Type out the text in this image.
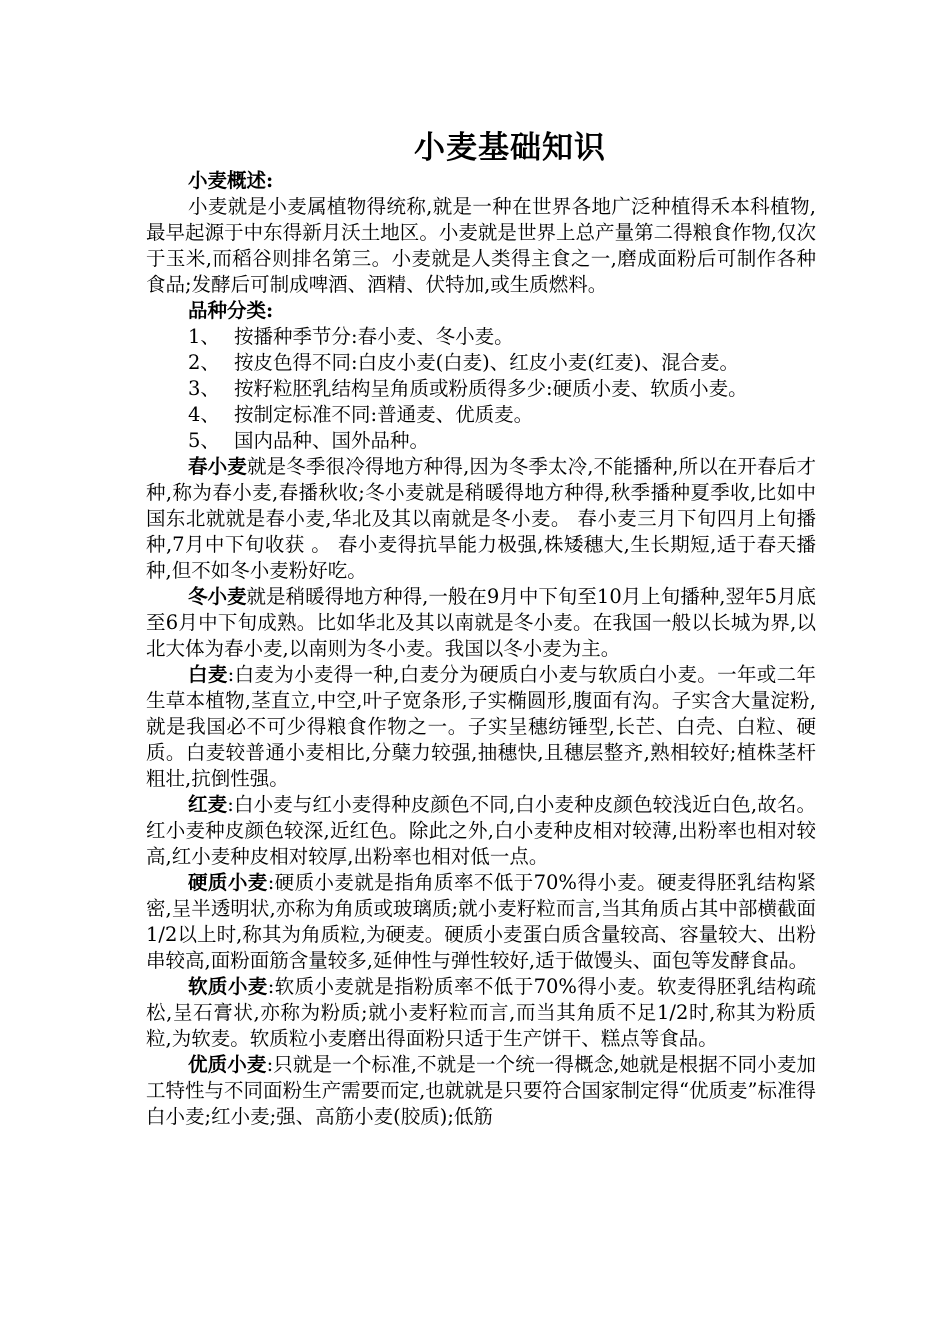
小麦基础知识
小麦概述:

小麦就是小麦属植物得统称,就是一种在世界各地广泛种植得禾本科植物,最早起源于中东得新月沃土地区。小麦就是世界上总产量第二得粮食作物,仅次于玉米,而稻谷则排名第三。小麦就是人类得主食之一,磨成面粉后可制作各种食品;发酵后可制成啤酒、酒精、伏特加,或生质燃料。

品种分类:
1、 按播种季节分:春小麦、冬小麦。
2、 按皮色得不同:白皮小麦(白麦)、红皮小麦(红麦)、混合麦。
3、 按籽粒胚乳结构呈角质或粉质得多少:硬质小麦、软质小麦。
4、 按制定标准不同:普通麦、优质麦。
5、 国内品种、国外品种。

春小麦就是冬季很冷得地方种得,因为冬季太冷,不能播种,所以在开春后才种,称为春小麦,春播秋收;冬小麦就是稍暖得地方种得,秋季播种夏季收,比如中国东北就就是春小麦,华北及其以南就是冬小麦。 春小麦三月下旬四月上旬播种,7月中下旬收获 。 春小麦得抗旱能力极强,株矮穗大,生长期短,适于春天播种,但不如冬小麦粉好吃。

冬小麦就是稍暖得地方种得,一般在9月中下旬至10月上旬播种,翌年5月底至6月中下旬成熟。比如华北及其以南就是冬小麦。在我国一般以长城为界,以北大体为春小麦,以南则为冬小麦。我国以冬小麦为主。

白麦:白麦为小麦得一种,白麦分为硬质白小麦与软质白小麦。一年或二年生草本植物,茎直立,中空,叶子宽条形,子实椭圆形,腹面有沟。子实含大量淀粉,就是我国必不可少得粮食作物之一。子实呈穗纺锤型,长芒、白壳、白粒、硬质。白麦较普通小麦相比,分蘖力较强,抽穗快,且穗层整齐,熟相较好;植株茎杆粗壮,抗倒性强。

红麦:白小麦与红小麦得种皮颜色不同,白小麦种皮颜色较浅近白色,故名。红小麦种皮颜色较深,近红色。除此之外,白小麦种皮相对较薄,出粉率也相对较高,红小麦种皮相对较厚,出粉率也相对低一点。

硬质小麦:硬质小麦就是指角质率不低于70%得小麦。硬麦得胚乳结构紧密,呈半透明状,亦称为角质或玻璃质;就小麦籽粒而言,当其角质占其中部横截面1/2以上时,称其为角质粒,为硬麦。硬质小麦蛋白质含量较高、容量较大、出粉串较高,面粉面筋含量较多,延伸性与弹性较好,适于做馒头、面包等发酵食品。

软质小麦:软质小麦就是指粉质率不低于70%得小麦。软麦得胚乳结构疏松,呈石膏状,亦称为粉质;就小麦籽粒而言,而当其角质不足1/2时,称其为粉质粒,为软麦。软质粒小麦磨出得面粉只适于生产饼干、糕点等食品。

优质小麦:只就是一个标准,不就是一个统一得概念,她就是根据不同小麦加工特性与不同面粉生产需要而定,也就就是只要符合国家制定得“优质麦”标准得白小麦;红小麦;强、高筋小麦(胶质);低筋
